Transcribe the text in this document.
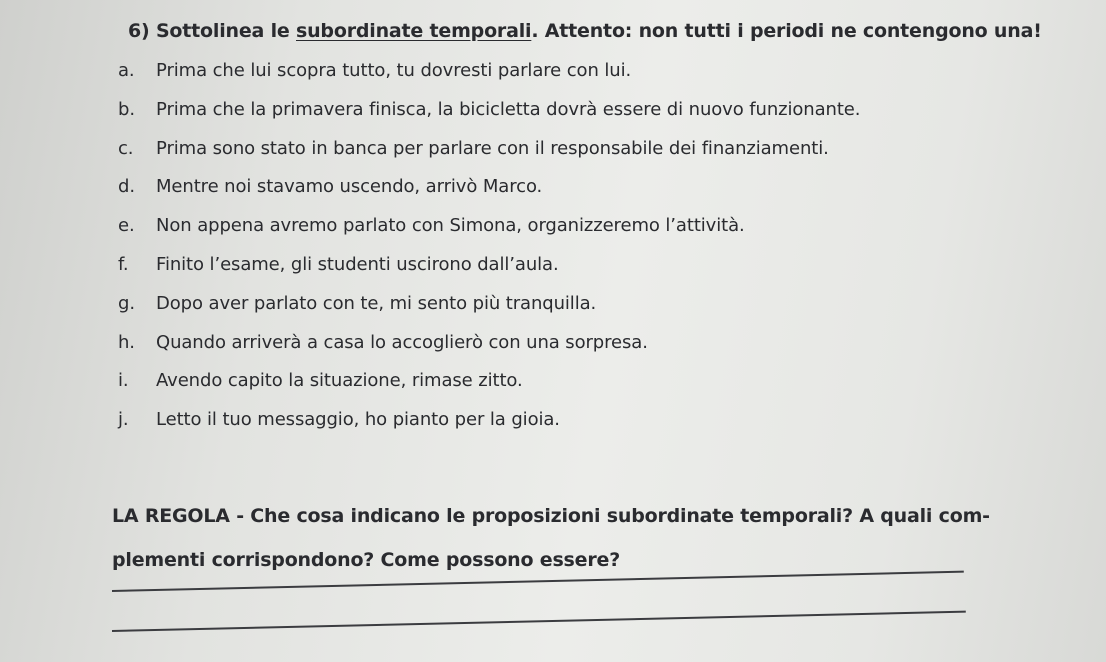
6) Sottolinea le subordinate temporali. Attento: non tutti i periodi ne contengono una!
a.	Prima che lui scopra tutto, tu dovresti parlare con lui.
b.	Prima che la primavera finisca, la bicicletta dovrà essere di nuovo funzionante.
c.	Prima sono stato in banca per parlare con il responsabile dei finanziamenti.
d.	Mentre noi stavamo uscendo, arrivò Marco.
e.	Non appena avremo parlato con Simona, organizzeremo l’attività.
f.	Finito l’esame, gli studenti uscirono dall’aula.
g.	Dopo aver parlato con te, mi sento più tranquilla.
h.	Quando arriverà a casa lo accoglierò con una sorpresa.
i.	Avendo capito la situazione, rimase zitto.
j.	Letto il tuo messaggio, ho pianto per la gioia.
LA REGOLA - Che cosa indicano le proposizioni subordinate temporali? A quali com-plementi corrispondono? Come possono essere?
